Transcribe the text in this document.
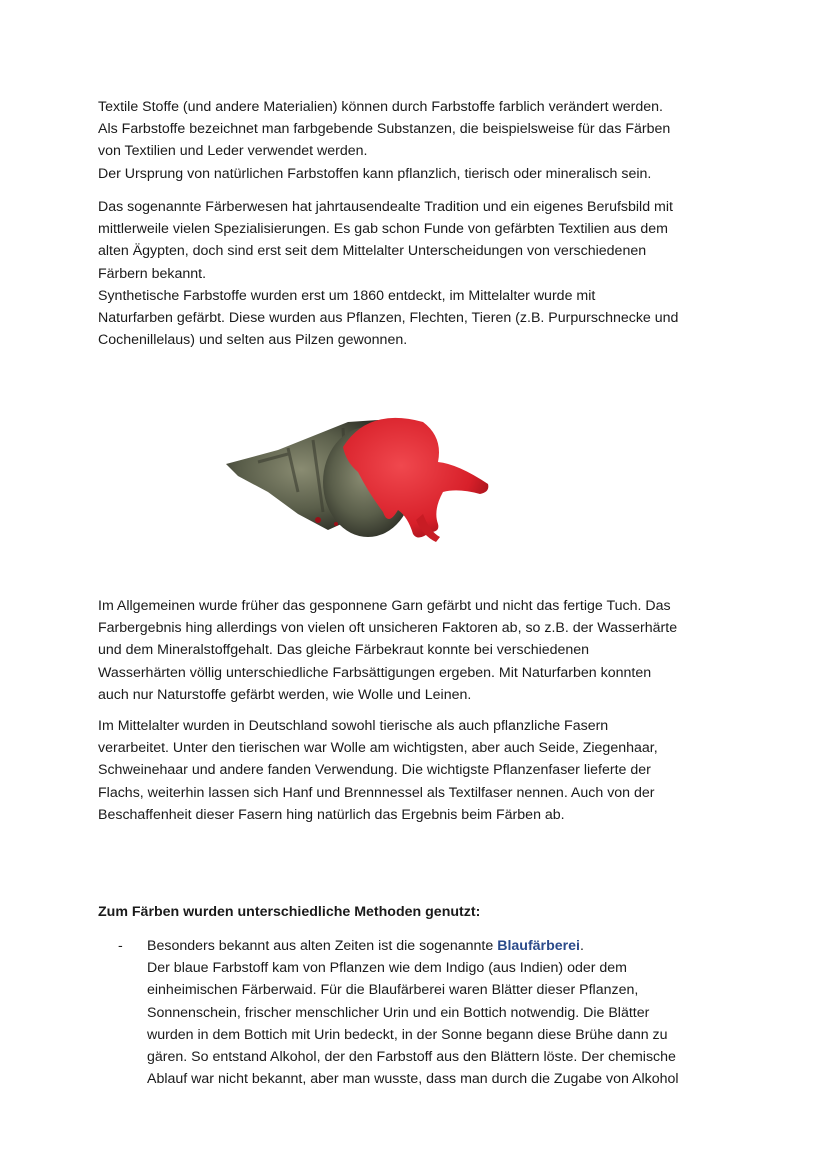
Textile Stoffe (und andere Materialien) können durch Farbstoffe farblich verändert werden.
Als Farbstoffe bezeichnet man farbgebende Substanzen, die beispielsweise für das Färben
von Textilien und Leder verwendet werden.
Der Ursprung von natürlichen Farbstoffen kann pflanzlich, tierisch oder mineralisch sein.

Das sogenannte Färberwesen hat jahrtausendealte Tradition und ein eigenes Berufsbild mit
mittlerweile vielen Spezialisierungen. Es gab schon Funde von gefärbten Textilien aus dem
alten Ägypten, doch sind erst seit dem Mittelalter Unterscheidungen von verschiedenen
Färbern bekannt.
Synthetische Farbstoffe wurden erst um 1860 entdeckt, im Mittelalter wurde mit
Naturfarben gefärbt. Diese wurden aus Pflanzen, Flechten, Tieren (z.B. Purpurschnecke und
Cochenillelaus) und selten aus Pilzen gewonnen.

Im Allgemeinen wurde früher das gesponnene Garn gefärbt und nicht das fertige Tuch. Das
Farbergebnis hing allerdings von vielen oft unsicheren Faktoren ab, so z.B. der Wasserhärte
und dem Mineralstoffgehalt. Das gleiche Färbekraut konnte bei verschiedenen
Wasserhärten völlig unterschiedliche Farbsättigungen ergeben. Mit Naturfarben konnten
auch nur Naturstoffe gefärbt werden, wie Wolle und Leinen.

Im Mittelalter wurden in Deutschland sowohl tierische als auch pflanzliche Fasern
verarbeitet. Unter den tierischen war Wolle am wichtigsten, aber auch Seide, Ziegenhaar,
Schweinehaar und andere fanden Verwendung. Die wichtigste Pflanzenfaser lieferte der
Flachs, weiterhin lassen sich Hanf und Brennnessel als Textilfaser nennen. Auch von der
Beschaffenheit dieser Fasern hing natürlich das Ergebnis beim Färben ab.

Zum Färben wurden unterschiedliche Methoden genutzt:

- Besonders bekannt aus alten Zeiten ist die sogenannte Blaufärberei.
Der blaue Farbstoff kam von Pflanzen wie dem Indigo (aus Indien) oder dem
einheimischen Färberwaid. Für die Blaufärberei waren Blätter dieser Pflanzen,
Sonnenschein, frischer menschlicher Urin und ein Bottich notwendig. Die Blätter
wurden in dem Bottich mit Urin bedeckt, in der Sonne begann diese Brühe dann zu
gären. So entstand Alkohol, der den Farbstoff aus den Blättern löste. Der chemische
Ablauf war nicht bekannt, aber man wusste, dass man durch die Zugabe von Alkohol
